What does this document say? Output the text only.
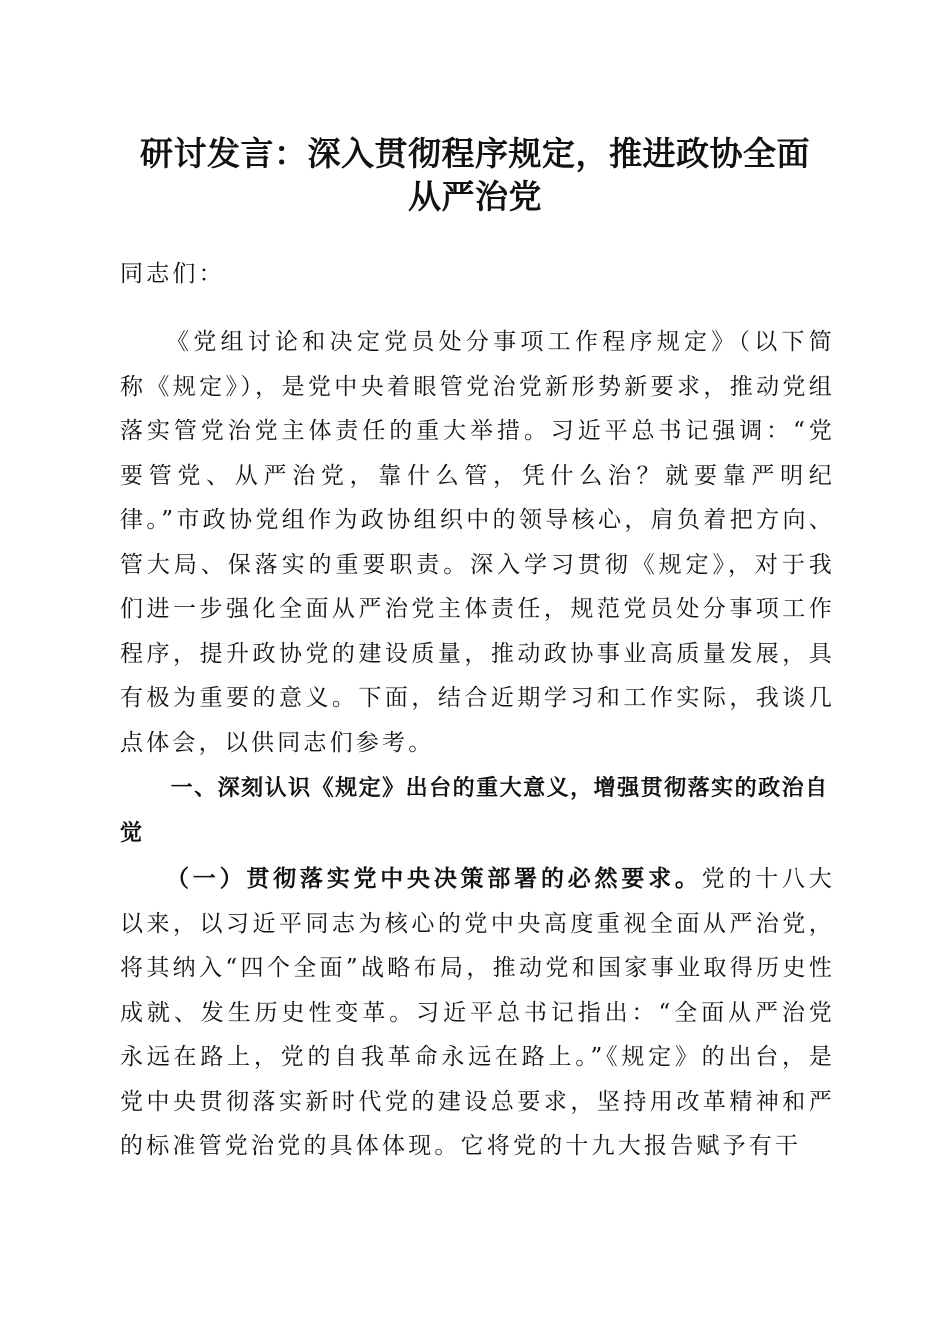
研讨发言：深入贯彻程序规定，推进政协全面
从严治党

同志们：

《党组讨论和决定党员处分事项工作程序规定》（以下简称《规定》），是党中央着眼管党治党新形势新要求，推动党组落实管党治党主体责任的重大举措。习近平总书记强调：“党要管党、从严治党，靠什么管，凭什么治？就要靠严明纪律。”市政协党组作为政协组织中的领导核心，肩负着把方向、管大局、保落实的重要职责。深入学习贯彻《规定》，对于我们进一步强化全面从严治党主体责任，规范党员处分事项工作程序，提升政协党的建设质量，推动政协事业高质量发展，具有极为重要的意义。下面，结合近期学习和工作实际，我谈几点体会，以供同志们参考。

一、深刻认识《规定》出台的重大意义，增强贯彻落实的政治自觉

（一）贯彻落实党中央决策部署的必然要求。党的十八大以来，以习近平同志为核心的党中央高度重视全面从严治党，将其纳入“四个全面”战略布局，推动党和国家事业取得历史性成就、发生历史性变革。习近平总书记指出：“全面从严治党永远在路上，党的自我革命永远在路上。”《规定》的出台，是党中央贯彻落实新时代党的建设总要求，坚持用改革精神和严的标准管党治党的具体体现。它将党的十九大报告赋予有干
